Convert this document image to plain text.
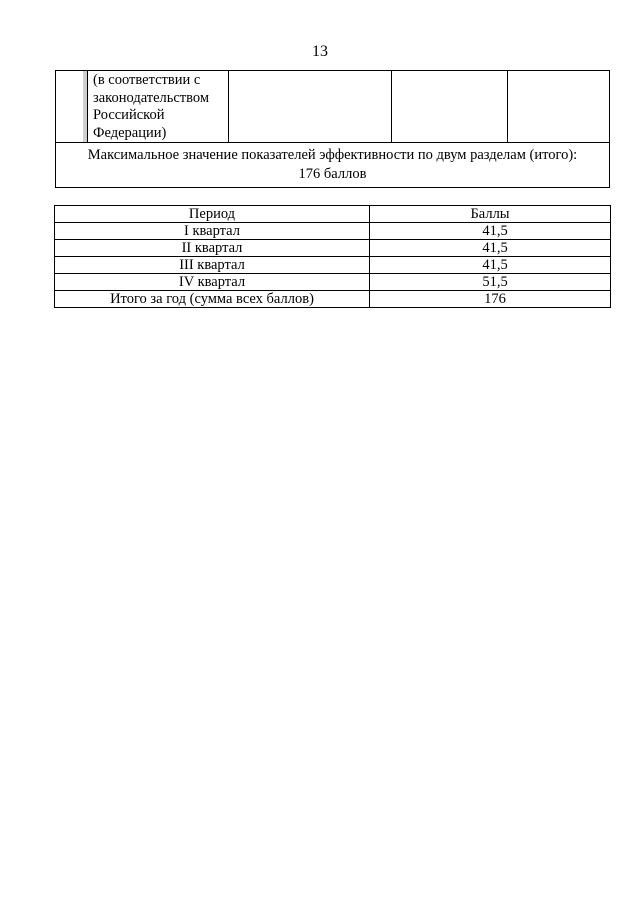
13
(в соответствии с
законодательством
Российской
Федерации)
Максимальное значение показателей эффективности по двум разделам (итого):
176 баллов
Период	Баллы
I квартал	41,5
II квартал	41,5
III квартал	41,5
IV квартал	51,5
Итого за год (сумма всех баллов)	176
